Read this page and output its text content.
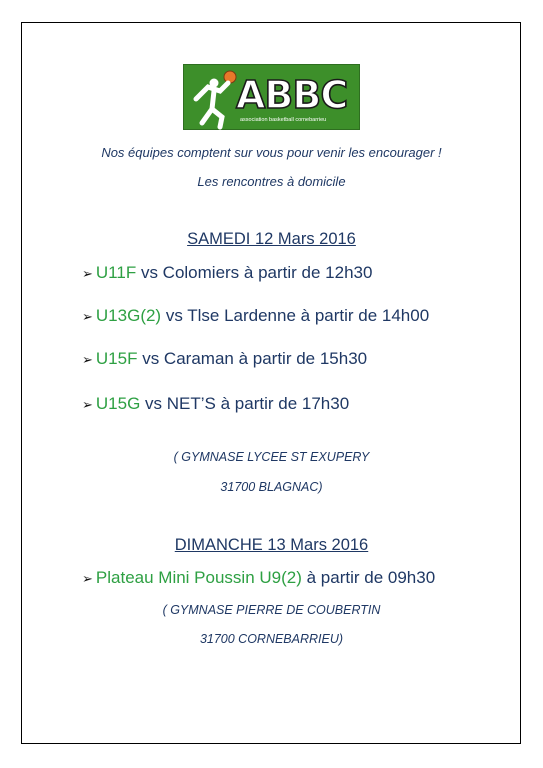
ABBC
association basketball cornebarrieu
Nos équipes comptent sur vous pour venir les encourager !
Les rencontres à domicile
SAMEDI 12 Mars 2016
➢ U11F vs Colomiers à partir de 12h30
➢ U13G(2) vs Tlse Lardenne à partir de 14h00
➢ U15F vs Caraman à partir de 15h30
➢ U15G vs NET’S à partir de 17h30
( GYMNASE LYCEE ST EXUPERY
31700 BLAGNAC)
DIMANCHE 13 Mars 2016
➢ Plateau Mini Poussin U9(2) à partir de 09h30
( GYMNASE PIERRE DE COUBERTIN
31700 CORNEBARRIEU)
